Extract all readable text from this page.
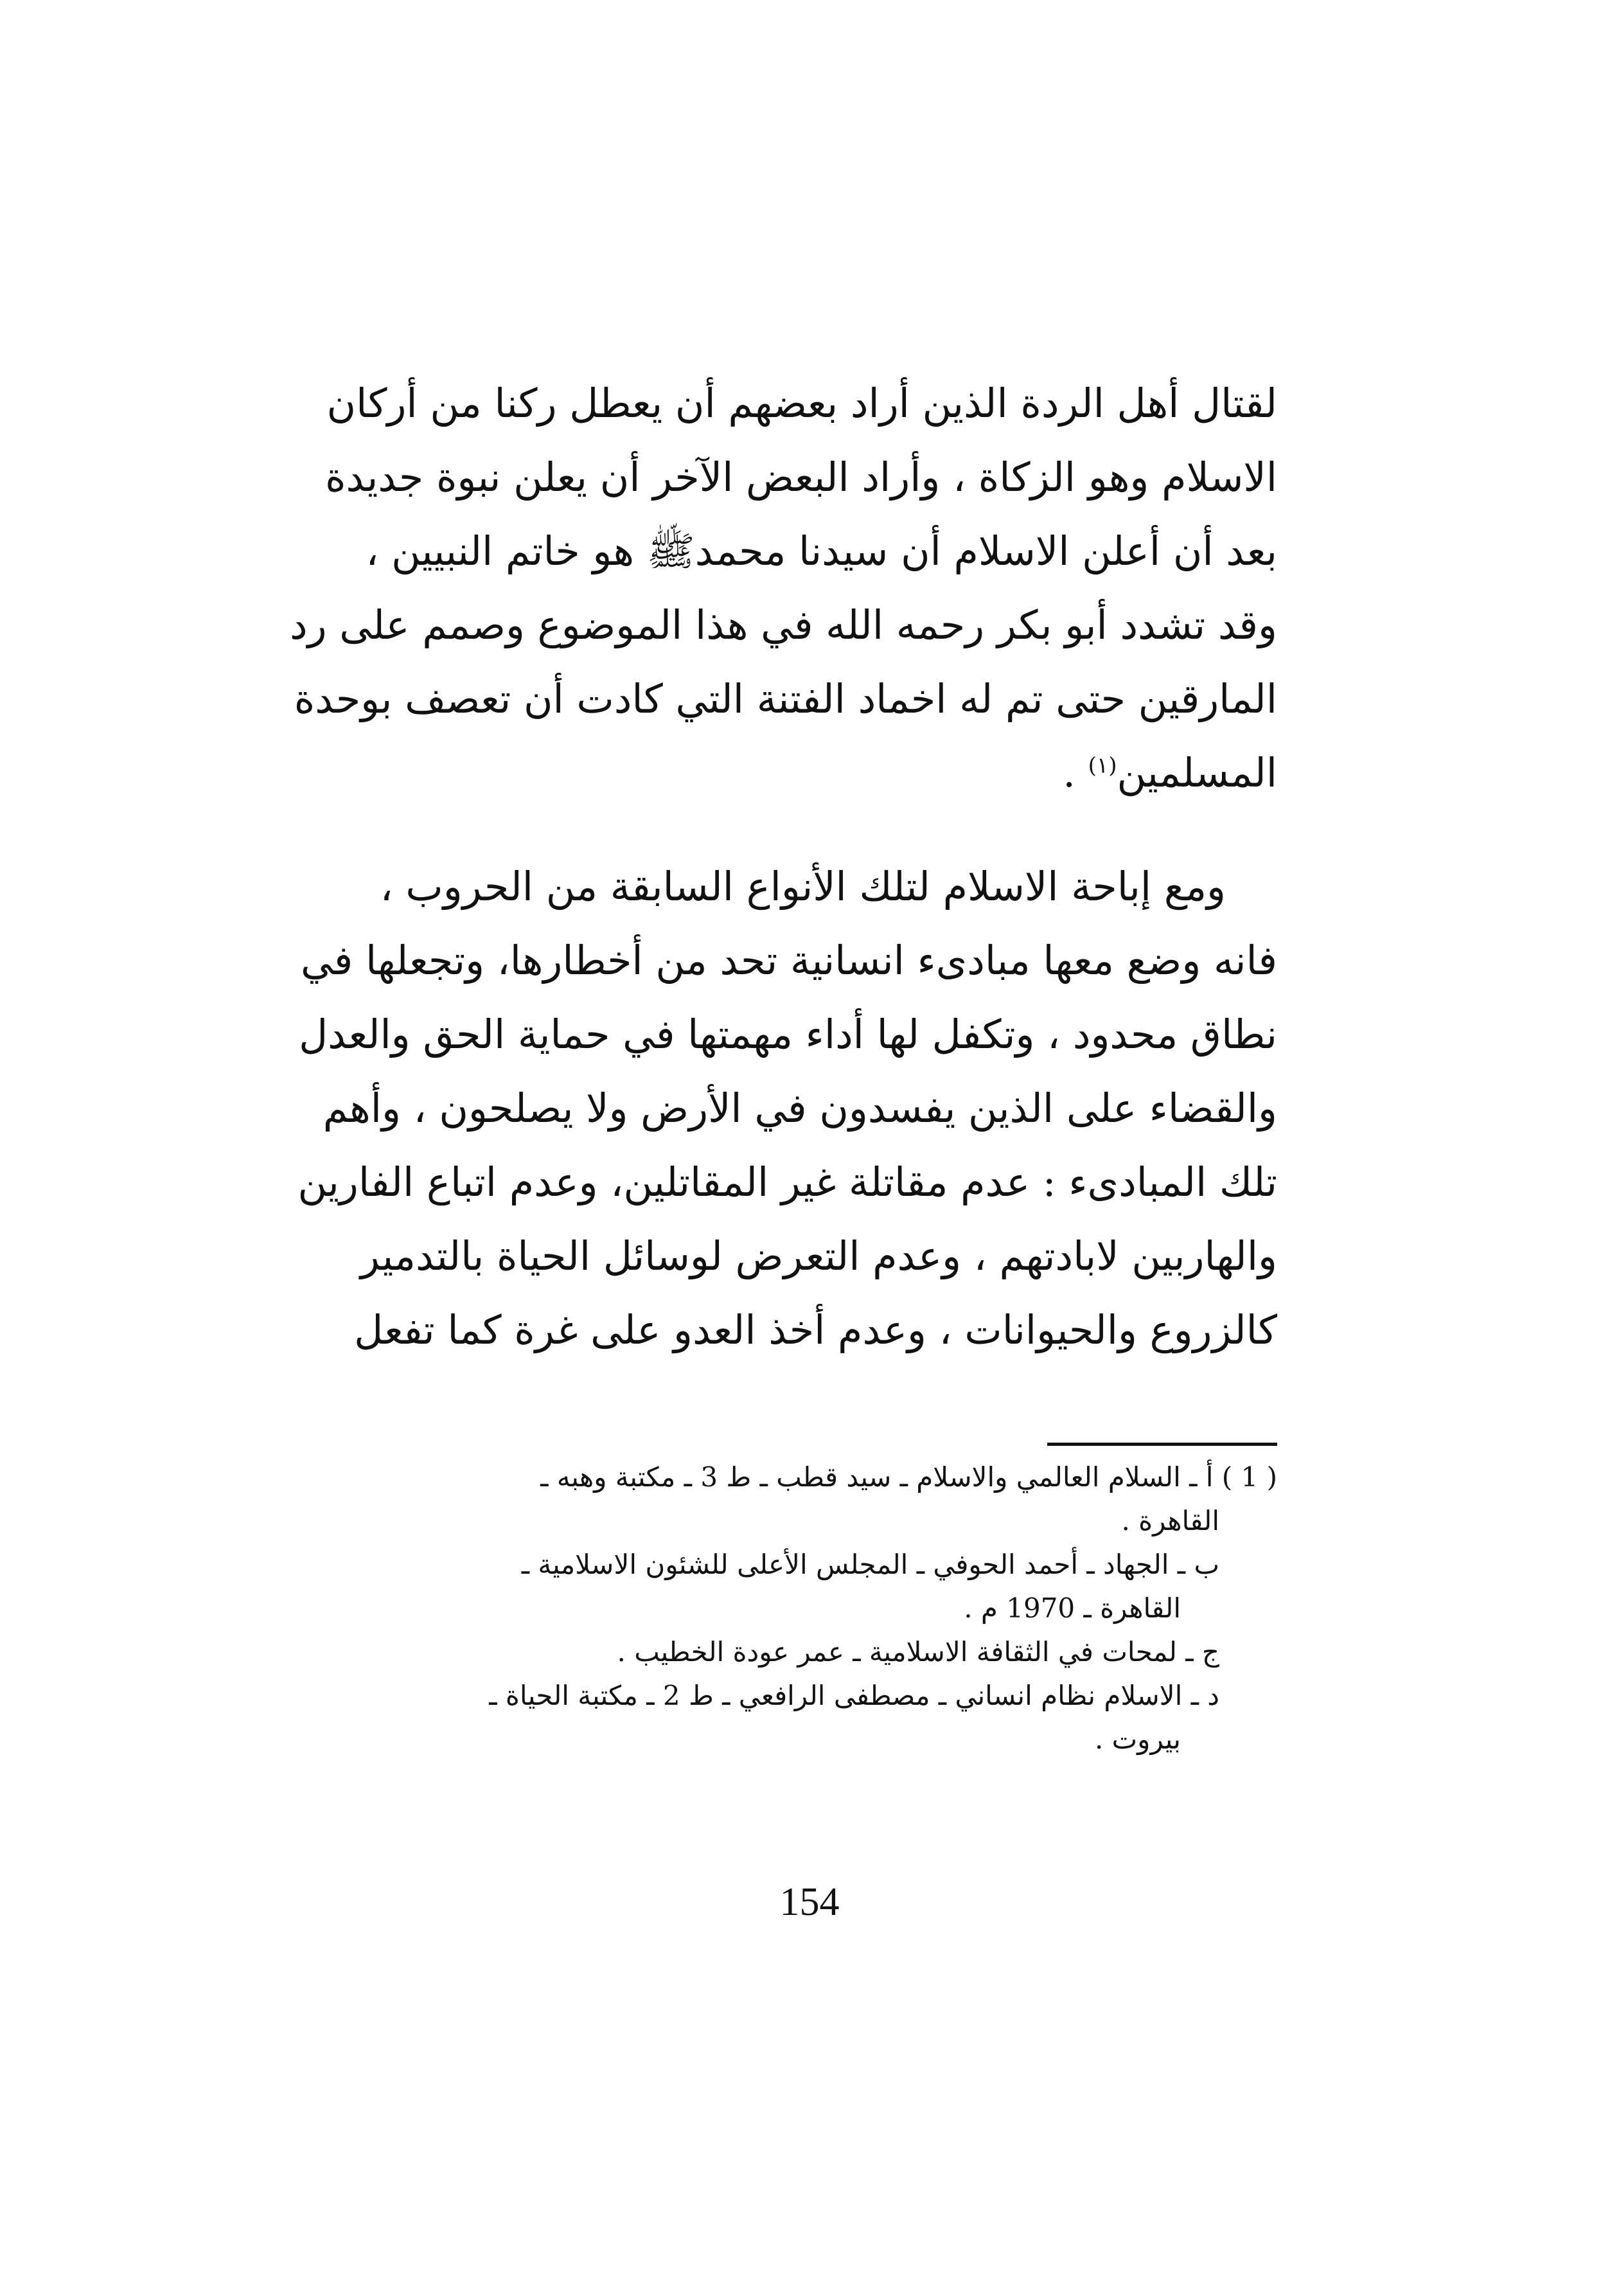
لقتال أهل الردة الذين أراد بعضهم أن يعطل ركنا من أركان
الاسلام وهو الزكاة ، وأراد البعض الآخر أن يعلن نبوة جديدة
بعد أن أعلن الاسلام أن سيدنا محمدﷺ هو خاتم النبيين ،
وقد تشدد أبو بكر رحمه الله في هذا الموضوع وصمم على رد
المارقين حتى تم له اخماد الفتنة التي كادت أن تعصف بوحدة
المسلمين$^{(١)}$ .
ومع إباحة الاسلام لتلك الأنواع السابقة من الحروب ،
فانه وضع معها مبادىء انسانية تحد من أخطارها، وتجعلها في
نطاق محدود ، وتكفل لها أداء مهمتها في حماية الحق والعدل
والقضاء على الذين يفسدون في الأرض ولا يصلحون ، وأهم
تلك المبادىء : عدم مقاتلة غير المقاتلين، وعدم اتباع الفارين
والهاربين لابادتهم ، وعدم التعرض لوسائل الحياة بالتدمير
كالزروع والحيوانات ، وعدم أخذ العدو على غرة كما تفعل
( 1 ) أ ـ السلام العالمي والاسلام ـ سيد قطب ـ ط 3 ـ مكتبة وهبه ـ
القاهرة .
ب ـ الجهاد ـ أحمد الحوفي ـ المجلس الأعلى للشئون الاسلامية ـ
القاهرة ـ 1970 م .
ج ـ لمحات في الثقافة الاسلامية ـ عمر عودة الخطيب .
د ـ الاسلام نظام انساني ـ مصطفى الرافعي ـ ط 2 ـ مكتبة الحياة ـ
بيروت .
154
